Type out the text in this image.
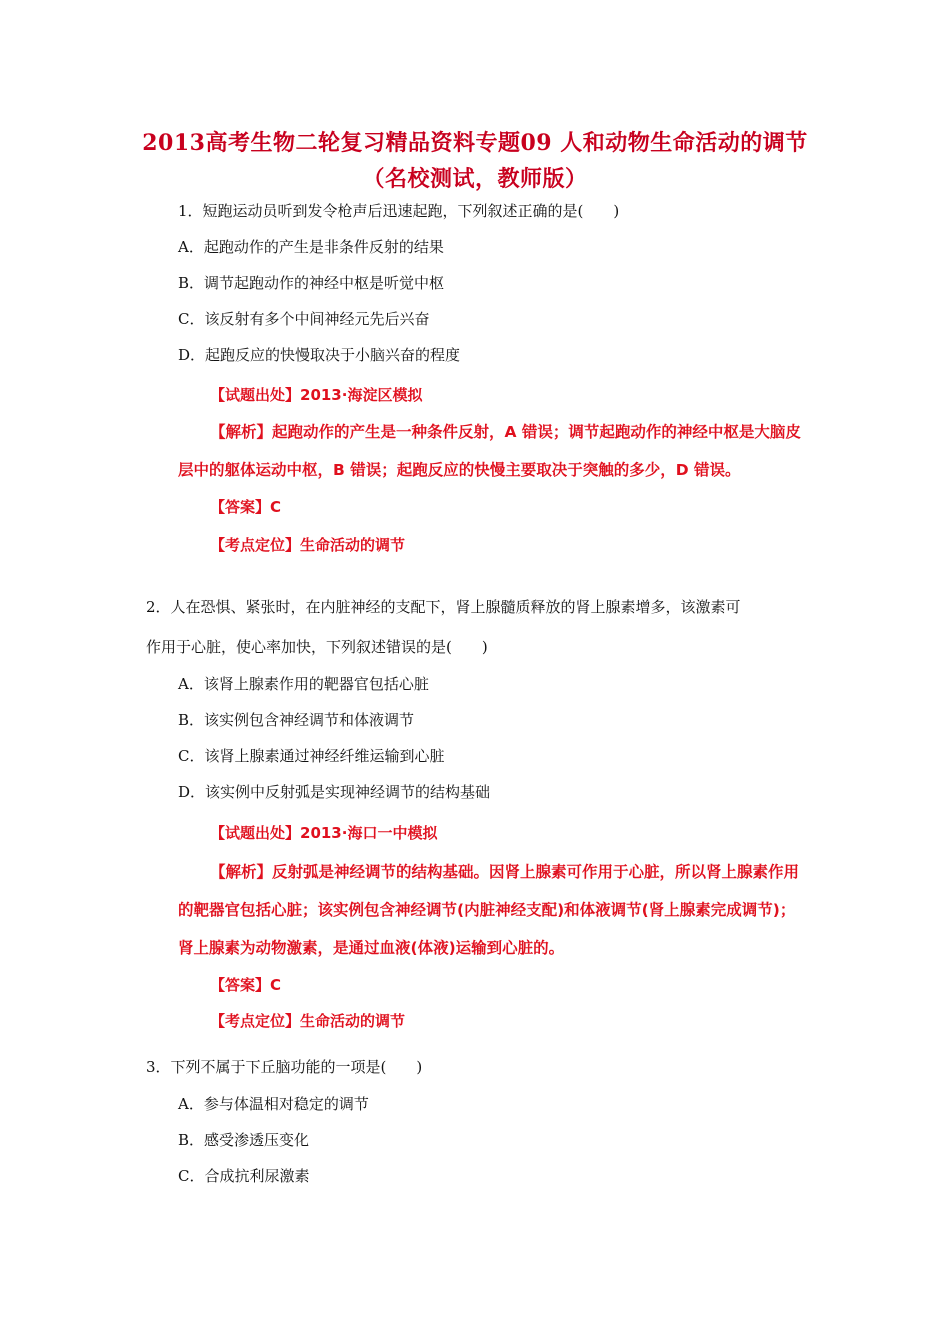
2013高考生物二轮复习精品资料专题09 人和动物生命活动的调节
（名校测试，教师版）
1．短跑运动员听到发令枪声后迅速起跑，下列叙述正确的是(　　)
A．起跑动作的产生是非条件反射的结果
B．调节起跑动作的神经中枢是听觉中枢
C．该反射有多个中间神经元先后兴奋
D．起跑反应的快慢取决于小脑兴奋的程度
【试题出处】2013·海淀区模拟
【解析】起跑动作的产生是一种条件反射，A 错误；调节起跑动作的神经中枢是大脑皮
层中的躯体运动中枢，B 错误；起跑反应的快慢主要取决于突触的多少，D 错误。
【答案】C
【考点定位】生命活动的调节
2．人在恐惧、紧张时，在内脏神经的支配下，肾上腺髓质释放的肾上腺素增多，该激素可
作用于心脏，使心率加快，下列叙述错误的是(　　)
A．该肾上腺素作用的靶器官包括心脏
B．该实例包含神经调节和体液调节
C．该肾上腺素通过神经纤维运输到心脏
D．该实例中反射弧是实现神经调节的结构基础
【试题出处】2013·海口一中模拟
【解析】反射弧是神经调节的结构基础。因肾上腺素可作用于心脏，所以肾上腺素作用
的靶器官包括心脏；该实例包含神经调节(内脏神经支配)和体液调节(肾上腺素完成调节)；
肾上腺素为动物激素，是通过血液(体液)运输到心脏的。
【答案】C
【考点定位】生命活动的调节
3．下列不属于下丘脑功能的一项是(　　)
A．参与体温相对稳定的调节
B．感受渗透压变化
C．合成抗利尿激素
